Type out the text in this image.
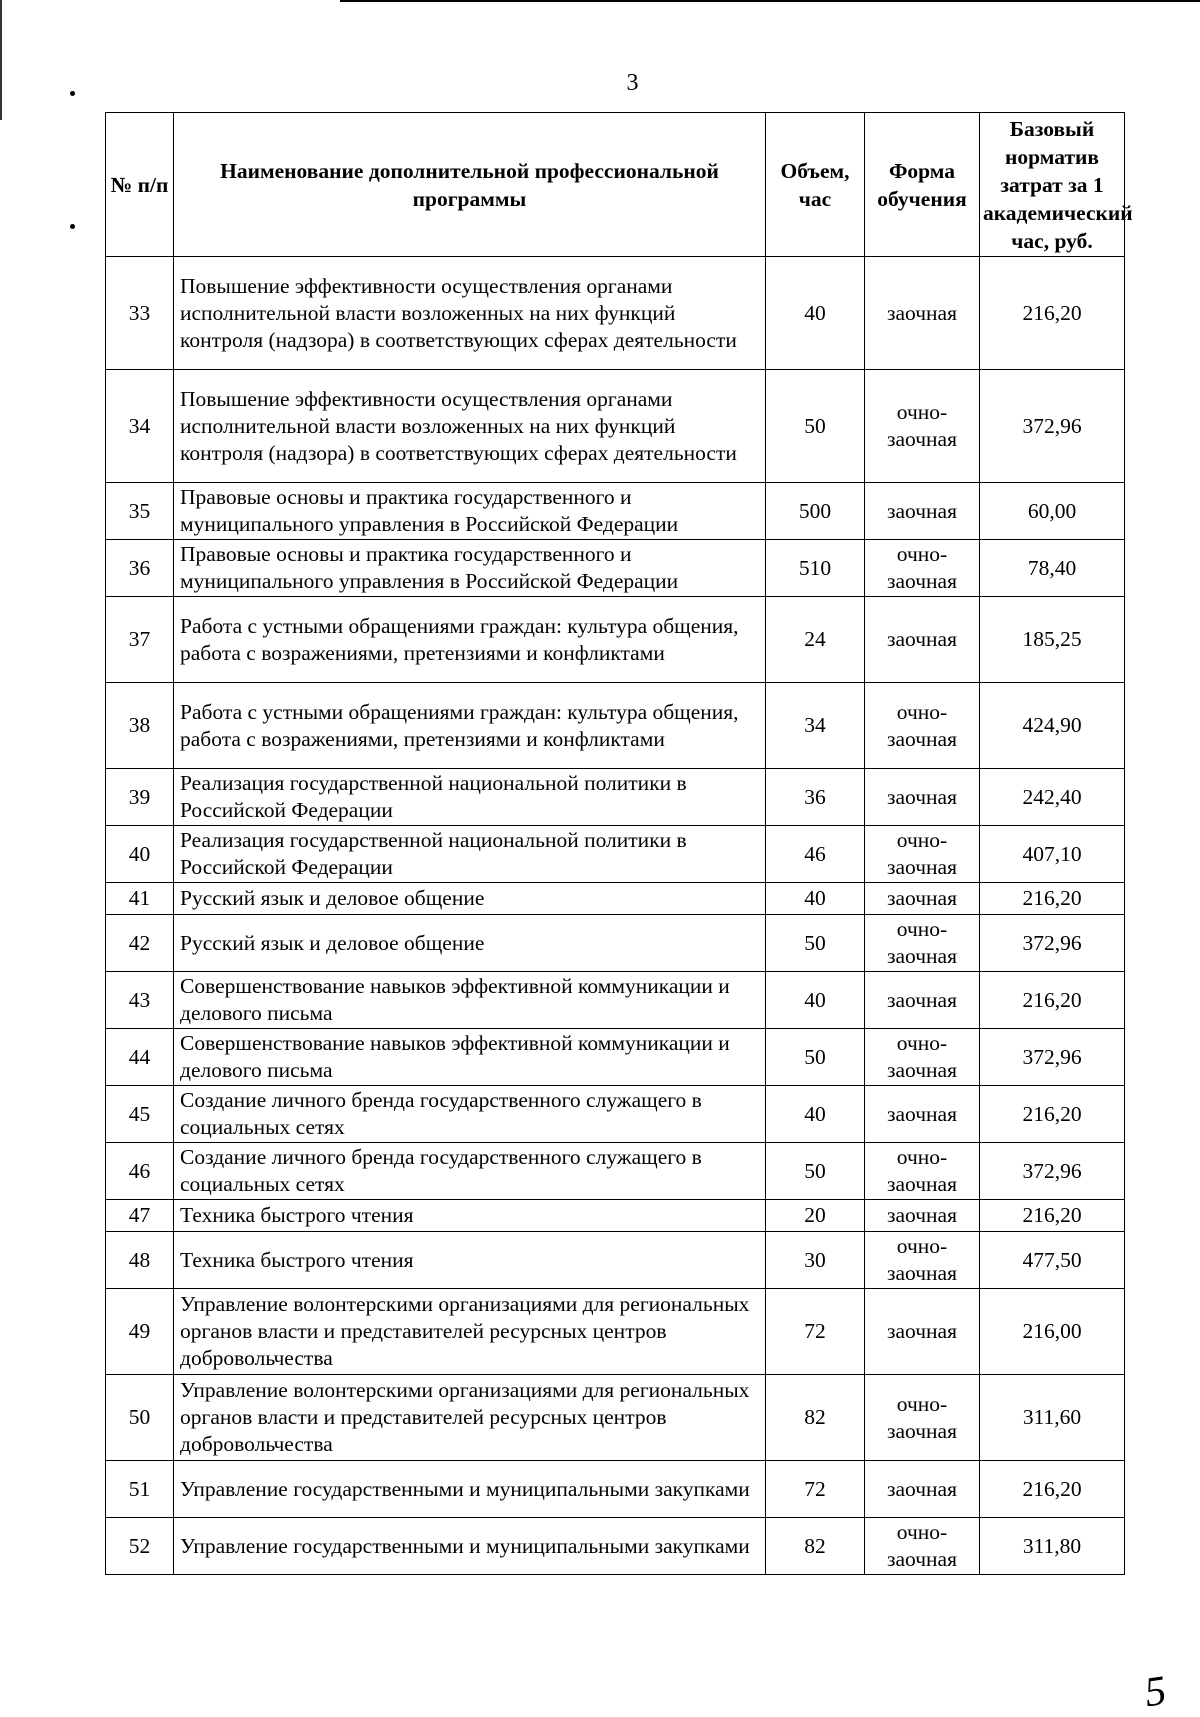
3
№ п/п	Наименование дополнительной профессиональной программы	Объем, час	Форма обучения	Базовый норматив затрат за 1 академический час, руб.
33	Повышение эффективности осуществления органами исполнительной власти возложенных на них функций контроля (надзора) в соответствующих сферах деятельности	40	заочная	216,20
34	Повышение эффективности осуществления органами исполнительной власти возложенных на них функций контроля (надзора) в соответствующих сферах деятельности	50	очно-заочная	372,96
35	Правовые основы и практика государственного и муниципального управления в Российской Федерации	500	заочная	60,00
36	Правовые основы и практика государственного и муниципального управления в Российской Федерации	510	очно-заочная	78,40
37	Работа с устными обращениями граждан: культура общения, работа с возражениями, претензиями и конфликтами	24	заочная	185,25
38	Работа с устными обращениями граждан: культура общения, работа с возражениями, претензиями и конфликтами	34	очно-заочная	424,90
39	Реализация государственной национальной политики в Российской Федерации	36	заочная	242,40
40	Реализация государственной национальной политики в Российской Федерации	46	очно-заочная	407,10
41	Русский язык и деловое общение	40	заочная	216,20
42	Русский язык и деловое общение	50	очно-заочная	372,96
43	Совершенствование навыков эффективной коммуникации и делового письма	40	заочная	216,20
44	Совершенствование навыков эффективной коммуникации и делового письма	50	очно-заочная	372,96
45	Создание личного бренда государственного служащего в социальных сетях	40	заочная	216,20
46	Создание личного бренда государственного служащего в социальных сетях	50	очно-заочная	372,96
47	Техника быстрого чтения	20	заочная	216,20
48	Техника быстрого чтения	30	очно-заочная	477,50
49	Управление волонтерскими организациями для региональных органов власти и представителей ресурсных центров добровольчества	72	заочная	216,00
50	Управление волонтерскими организациями для региональных органов власти и представителей ресурсных центров добровольчества	82	очно-заочная	311,60
51	Управление государственными и муниципальными закупками	72	заочная	216,20
52	Управление государственными и муниципальными закупками	82	очно-заочная	311,80
5
